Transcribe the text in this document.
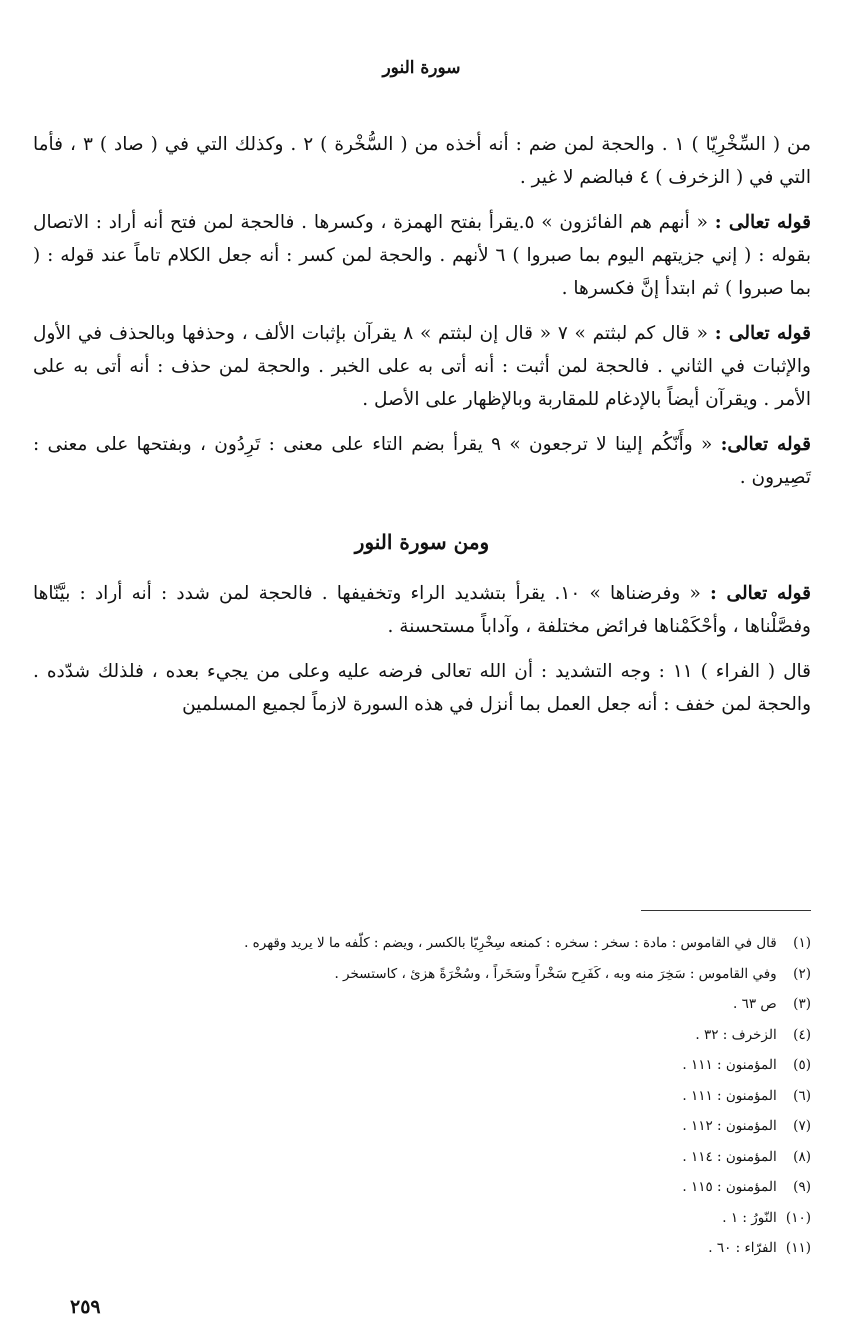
سورة النور

من ( السِّخْرِيّا ) ١ . والحجة لمن ضم : أنه أخذه من ( السُّخْرة ) ٢ . وكذلك التي في ( صاد ) ٣ ، فأما التي في ( الزخرف ) ٤ فبالضم لا غير .

قوله تعالى : « أنهم هم الفائزون » ٥.يقرأ بفتح الهمزة ، وكسرها . فالحجة لمن فتح أنه أراد : الاتصال بقوله : ( إني جزيتهم اليوم بما صبروا ) ٦ لأنهم . والحجة لمن كسر : أنه جعل الكلام تاماً عند قوله : ( بما صبروا ) ثم ابتدأ إنَّ فكسرها .

قوله تعالى : « قال كم لبثتم » ٧ « قال إن لبثتم » ٨ يقرآن بإثبات الألف ، وحذفها وبالحذف في الأول والإثبات في الثاني . فالحجة لمن أثبت : أنه أتى به على الخبر . والحجة لمن حذف : أنه أتى به على الأمر . ويقرآن أيضاً بالإدغام للمقاربة وبالإظهار على الأصل .

قوله تعالى: « وأَنّكُم إلينا لا ترجعون » ٩ يقرأ بضم التاء على معنى : تَرِدُون ، وبفتحها على معنى : تَصِيرون .

ومن سورة النور

قوله تعالى : « وفرضناها » ١٠. يقرأ بتشديد الراء وتخفيفها . فالحجة لمن شدد : أنه أراد : بيَّنّاها وفصَّلْناها ، وأحْكَمْناها فرائض مختلفة ، وآداباً مستحسنة .

قال ( الفراء ) ١١ : وجه التشديد : أن الله تعالى فرضه عليه وعلى من يجيء بعده ، فلذلك شدّده . والحجة لمن خفف : أنه جعل العمل بما أنزل في هذه السورة لازماً لجميع المسلمين

(١) قال في القاموس : مادة : سخر : سخره : كمنعه سِخْرِيّا بالكسر ، ويضم : كلّفه ما لا يريد وقهره .
(٢) وفي القاموس : سَخِرَ منه وبه ، كَفَرِح سَخْراً وسَخَراً ، وسُخْرَةً هزئ ، كاستسخر .
(٣) ص ٦٣ .
(٤) الزخرف : ٣٢ .
(٥) المؤمنون : ١١١ .
(٦) المؤمنون : ١١١ .
(٧) المؤمنون : ١١٢ .
(٨) المؤمنون : ١١٤ .
(٩) المؤمنون : ١١٥ .
(١٠) النّورُ : ١ .
(١١) الفرّاء : ٦٠ .
٢٥٩
